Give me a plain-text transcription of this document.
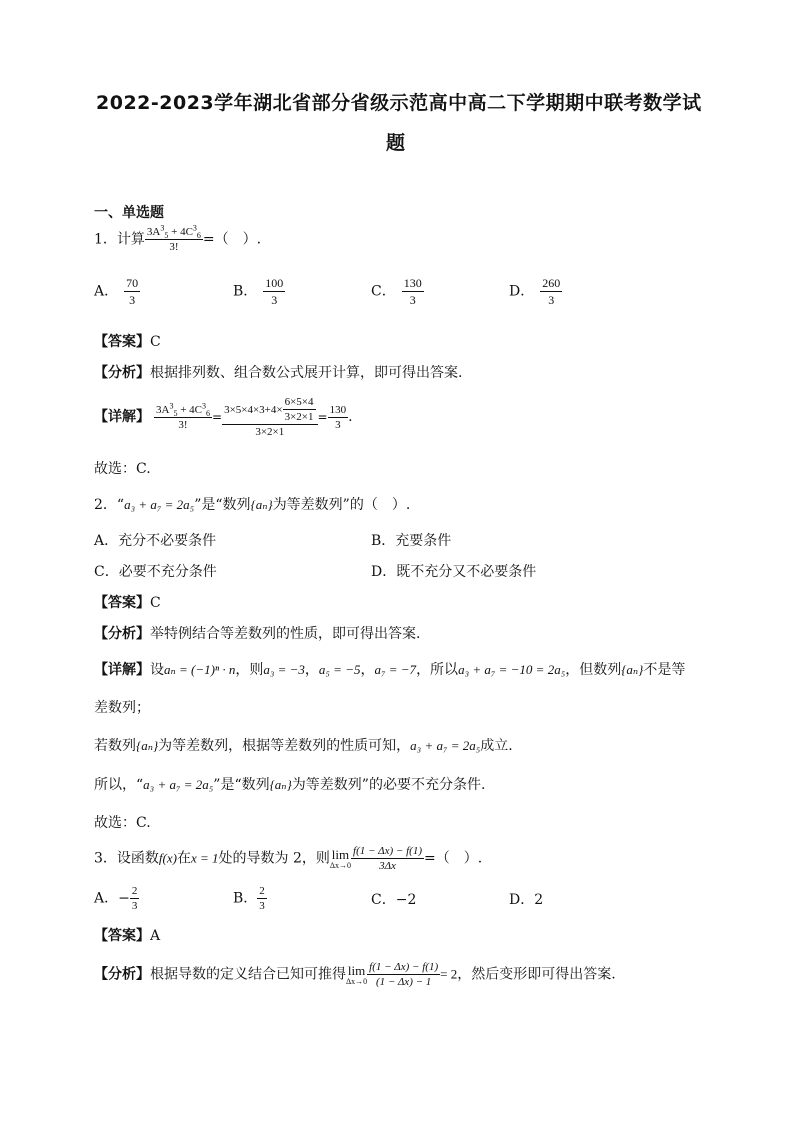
2022-2023学年湖北省部分省级示范高中高二下学期期中联考数学试
题
一、单选题
1．计算 $\frac{3A^3_5 + 4C^3_6}{3!}$ =（　）.
A． $\frac{70}{3}$	B． $\frac{100}{3}$	C． $\frac{130}{3}$	D． $\frac{260}{3}$
【答案】C
【分析】根据排列数、组合数公式展开计算，即可得出答案.
【详解】 $\frac{3A^3_5 + 4C^3_6}{3!} = \frac{3\times 5\times 4\times 3+4\times \frac{6\times 5\times 4}{3\times 2\times 1}}{3\times 2\times 1} = \frac{130}{3}$ .
故选：C.
2．“a₃ + a₇ = 2a₅”是“数列{aₙ}为等差数列”的（　）.
A．充分不必要条件	B．充要条件
C．必要不充分条件	D．既不充分又不必要条件
【答案】C
【分析】举特例结合等差数列的性质，即可得出答案.
【详解】设aₙ = (−1)ⁿ · n，则a₃ = −3，a₅ = −5，a₇ = −7，所以a₃ + a₇ = −10 = 2a₅，但数列{aₙ}不是等
差数列；
若数列{aₙ}为等差数列，根据等差数列的性质可知，a₃ + a₇ = 2a₅成立.
所以，“a₃ + a₇ = 2a₅”是“数列{aₙ}为等差数列”的必要不充分条件.
故选：C.
3．设函数f(x)在x = 1处的导数为 2，则 lim
$\Delta x\to 0 \frac{f(1 - \Delta x) - f(1)}{3\Delta x}$ =（　）.
A．− $\frac{2}{3}$	B． $\frac{2}{3}$	C．−2	D．2
【答案】A
【分析】根据导数的定义结合已知可推得 lim
$\Delta x\to 0 \frac{f(1 - \Delta x) - f(1)}{(1 - \Delta x) - 1} = 2$，然后变形即可得出答案.
